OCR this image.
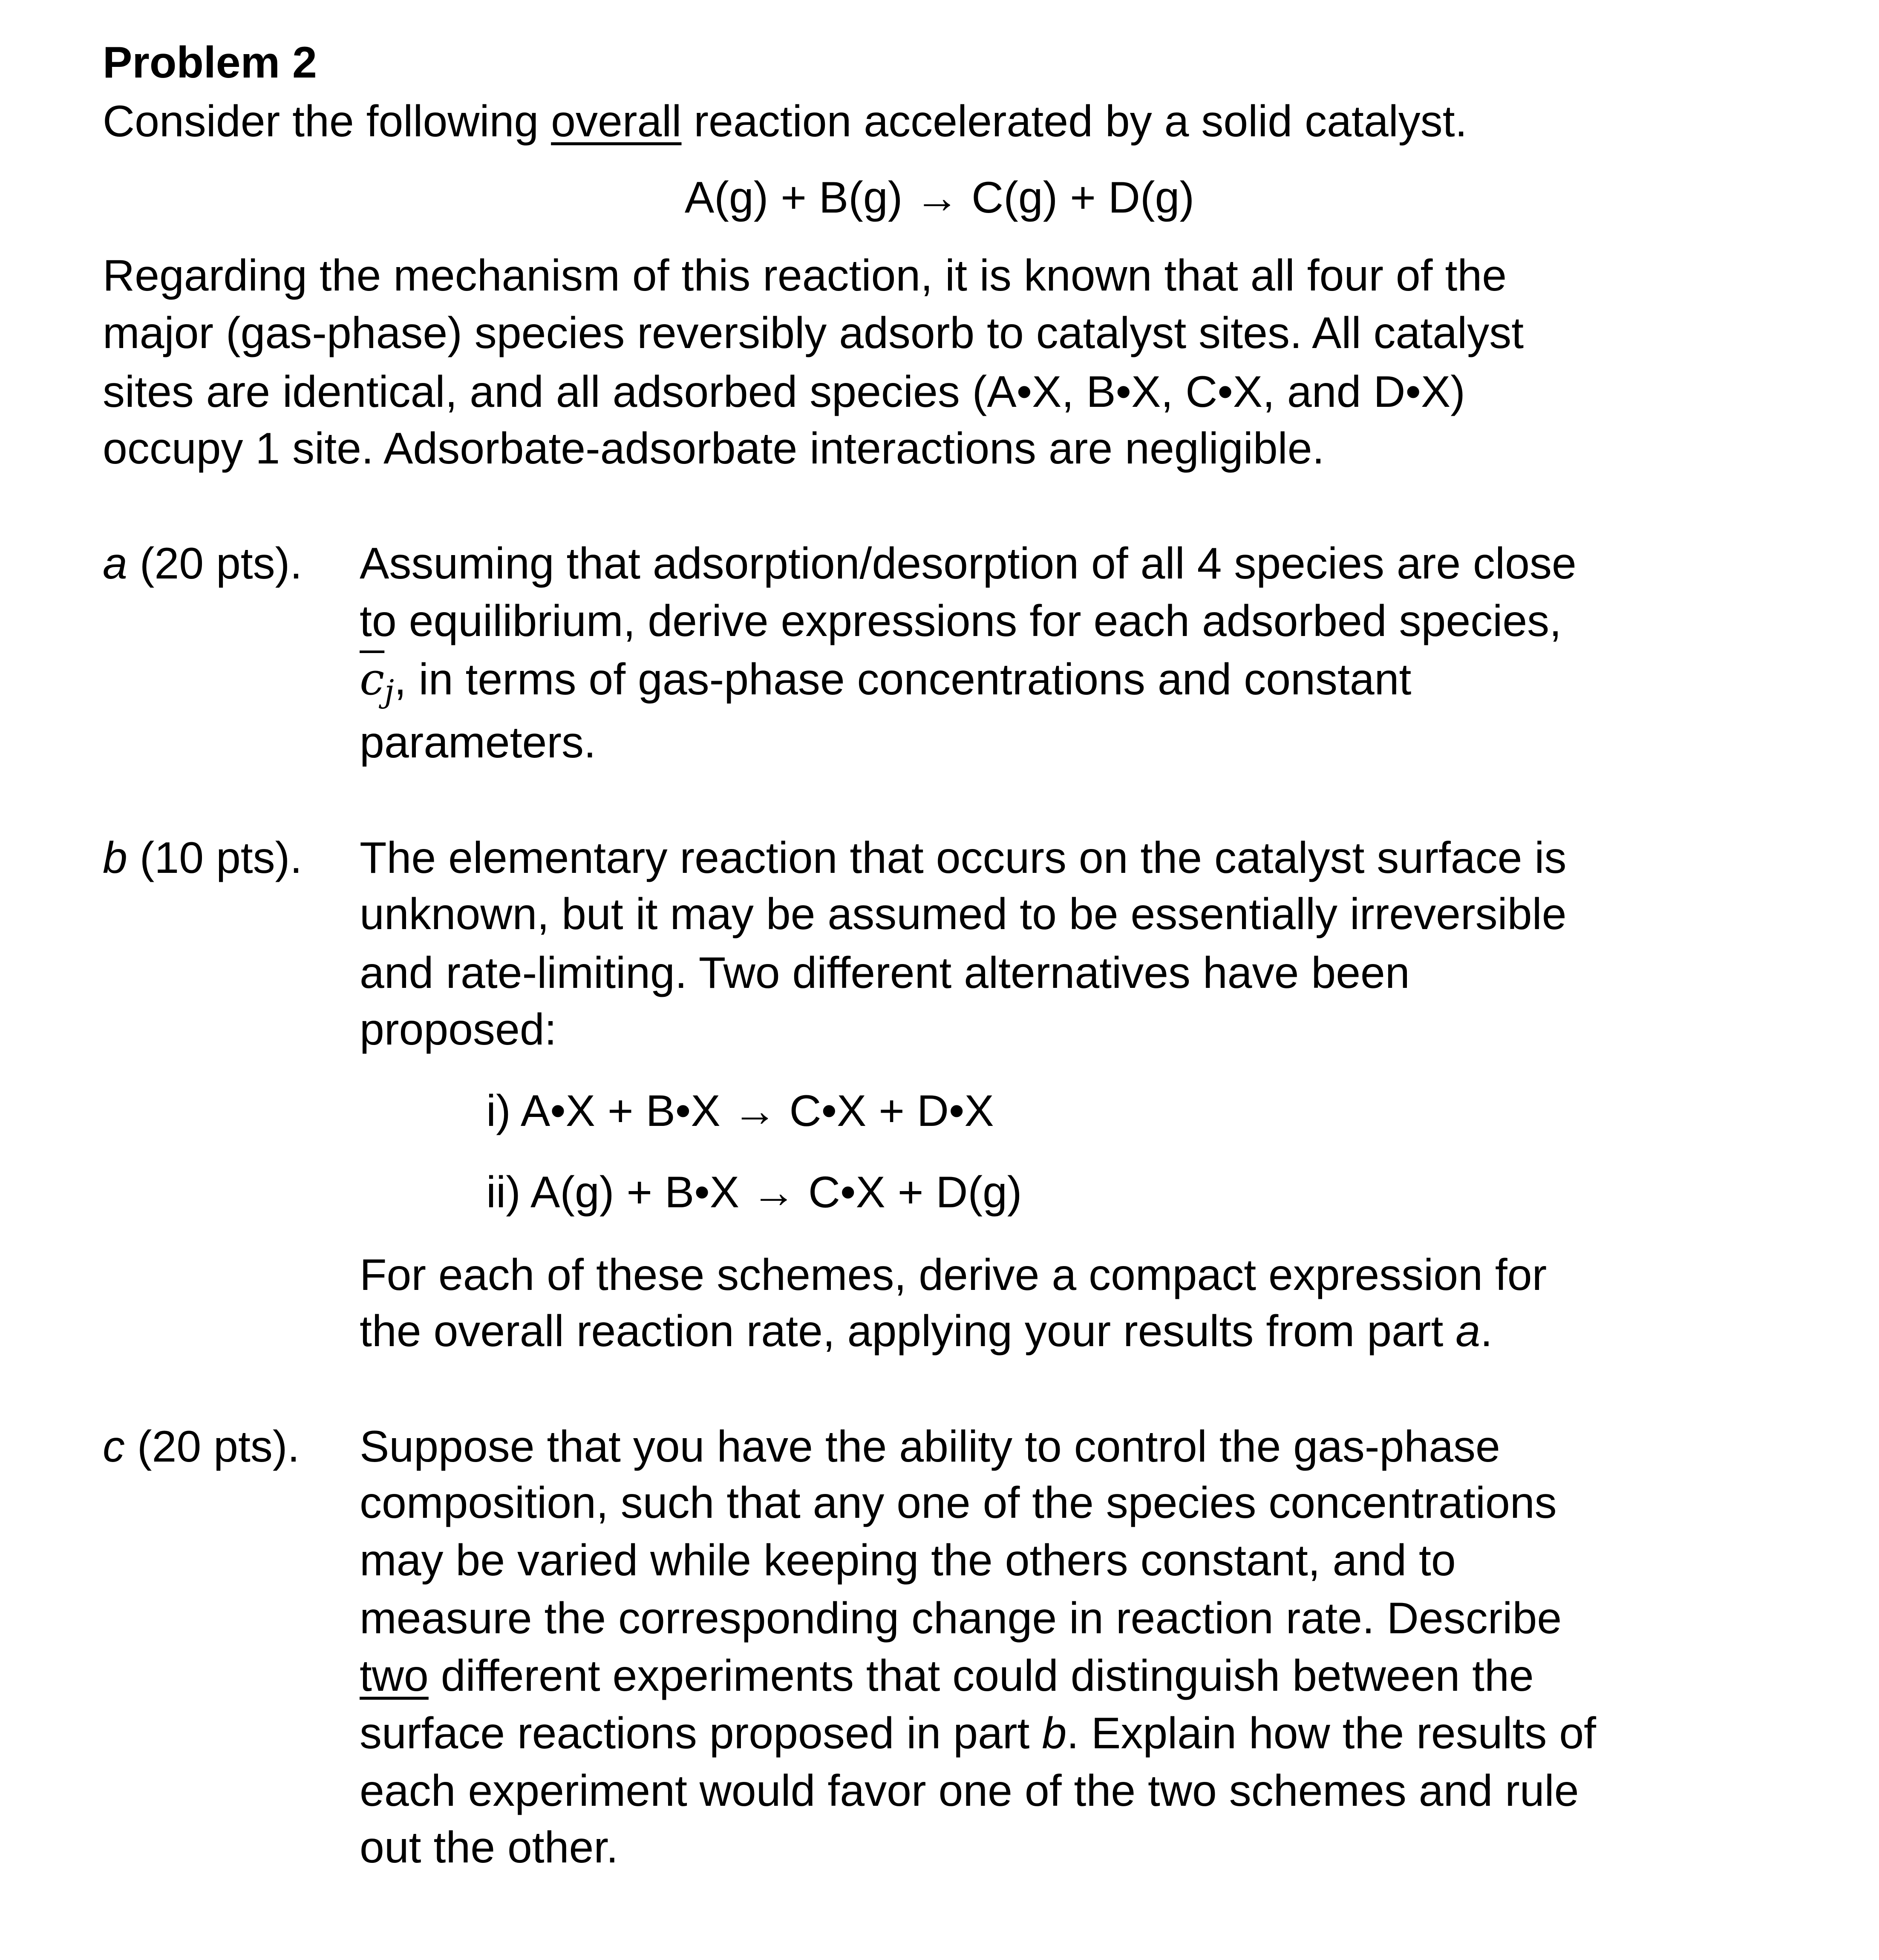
Problem 2
Consider the following overall reaction accelerated by a solid catalyst.
A(g) + B(g) → C(g) + D(g)
Regarding the mechanism of this reaction, it is known that all four of the
major (gas-phase) species reversibly adsorb to catalyst sites. All catalyst
sites are identical, and all adsorbed species (A•X, B•X, C•X, and D•X)
occupy 1 site. Adsorbate-adsorbate interactions are negligible.
a (20 pts). Assuming that adsorption/desorption of all 4 species are close
to equilibrium, derive expressions for each adsorbed species,
$\overline{c}_j$, in terms of gas-phase concentrations and constant
parameters.
b (10 pts). The elementary reaction that occurs on the catalyst surface is
unknown, but it may be assumed to be essentially irreversible
and rate-limiting. Two different alternatives have been
proposed:
i) A•X + B•X → C•X + D•X
ii) A(g) + B•X → C•X + D(g)
For each of these schemes, derive a compact expression for
the overall reaction rate, applying your results from part a.
c (20 pts). Suppose that you have the ability to control the gas-phase
composition, such that any one of the species concentrations
may be varied while keeping the others constant, and to
measure the corresponding change in reaction rate. Describe
two different experiments that could distinguish between the
surface reactions proposed in part b. Explain how the results of
each experiment would favor one of the two schemes and rule
out the other.
